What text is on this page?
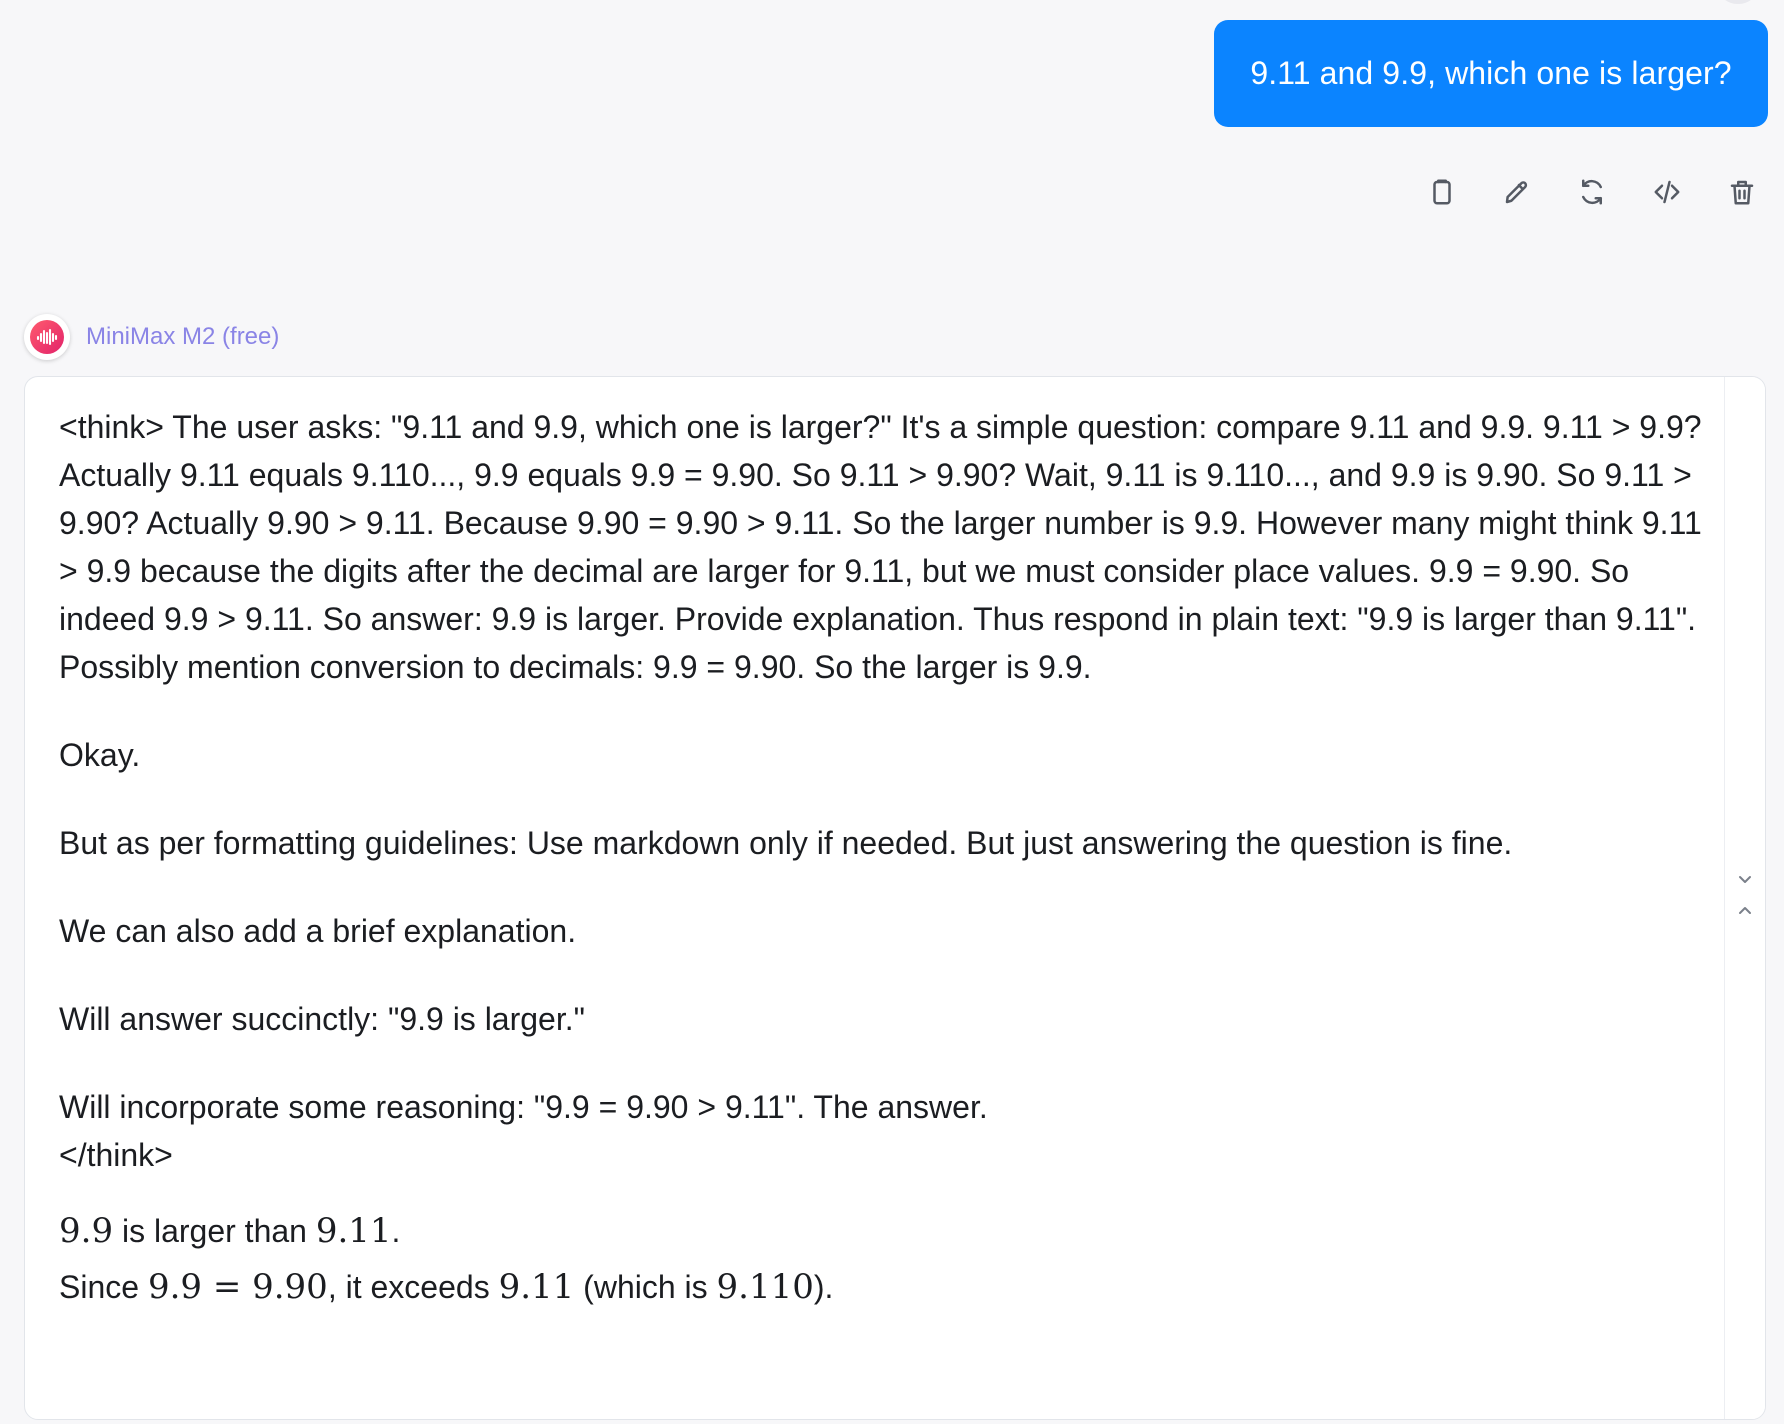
9.11 and 9.9, which one is larger?
MiniMax M2 (free)

<think> The user asks: "9.11 and 9.9, which one is larger?" It's a simple question: compare 9.11 and 9.9. 9.11 > 9.9? Actually 9.11 equals 9.110..., 9.9 equals 9.9 = 9.90. So 9.11 > 9.90? Wait, 9.11 is 9.110..., and 9.9 is 9.90. So 9.11 > 9.90? Actually 9.90 > 9.11. Because 9.90 = 9.90 > 9.11. So the larger number is 9.9. However many might think 9.11 > 9.9 because the digits after the decimal are larger for 9.11, but we must consider place values. 9.9 = 9.90. So indeed 9.9 > 9.11. So answer: 9.9 is larger. Provide explanation. Thus respond in plain text: "9.9 is larger than 9.11". Possibly mention conversion to decimals: 9.9 = 9.90. So the larger is 9.9.

Okay.

But as per formatting guidelines: Use markdown only if needed. But just answering the question is fine.

We can also add a brief explanation.

Will answer succinctly: "9.9 is larger."

Will incorporate some reasoning: "9.9 = 9.90 > 9.11". The answer.

</think>

9.9 is larger than 9.11.

Since 9.9 = 9.90, it exceeds 9.11 (which is 9.110).
